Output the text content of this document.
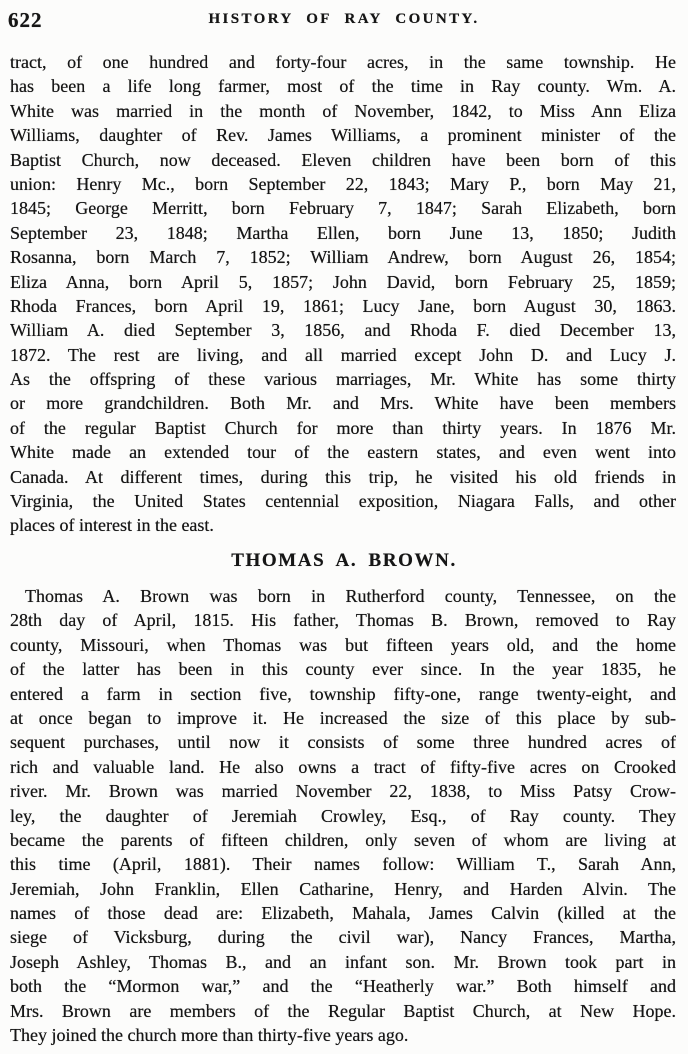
622	HISTORY OF RAY COUNTY.
tract, of one hundred and forty-four acres, in the same township. He
has been a life long farmer, most of the time in Ray county. Wm. A.
White was married in the month of November, 1842, to Miss Ann Eliza
Williams, daughter of Rev. James Williams, a prominent minister of the
Baptist Church, now deceased. Eleven children have been born of this
union: Henry Mc., born September 22, 1843; Mary P., born May 21,
1845; George Merritt, born February 7, 1847; Sarah Elizabeth, born
September 23, 1848; Martha Ellen, born June 13, 1850; Judith
Rosanna, born March 7, 1852; William Andrew, born August 26, 1854;
Eliza Anna, born April 5, 1857; John David, born February 25, 1859;
Rhoda Frances, born April 19, 1861; Lucy Jane, born August 30, 1863.
William A. died September 3, 1856, and Rhoda F. died December 13,
1872. The rest are living, and all married except John D. and Lucy J.
As the offspring of these various marriages, Mr. White has some thirty
or more grandchildren. Both Mr. and Mrs. White have been members
of the regular Baptist Church for more than thirty years. In 1876 Mr.
White made an extended tour of the eastern states, and even went into
Canada. At different times, during this trip, he visited his old friends in
Virginia, the United States centennial exposition, Niagara Falls, and other
places of interest in the east.
THOMAS A. BROWN.
Thomas A. Brown was born in Rutherford county, Tennessee, on the
28th day of April, 1815. His father, Thomas B. Brown, removed to Ray
county, Missouri, when Thomas was but fifteen years old, and the home
of the latter has been in this county ever since. In the year 1835, he
entered a farm in section five, township fifty-one, range twenty-eight, and
at once began to improve it. He increased the size of this place by sub-
sequent purchases, until now it consists of some three hundred acres of
rich and valuable land. He also owns a tract of fifty-five acres on Crooked
river. Mr. Brown was married November 22, 1838, to Miss Patsy Crow-
ley, the daughter of Jeremiah Crowley, Esq., of Ray county. They
became the parents of fifteen children, only seven of whom are living at
this time (April, 1881). Their names follow: William T., Sarah Ann,
Jeremiah, John Franklin, Ellen Catharine, Henry, and Harden Alvin. The
names of those dead are: Elizabeth, Mahala, James Calvin (killed at the
siege of Vicksburg, during the civil war), Nancy Frances, Martha,
Joseph Ashley, Thomas B., and an infant son. Mr. Brown took part in
both the “Mormon war,” and the “Heatherly war.” Both himself and
Mrs. Brown are members of the Regular Baptist Church, at New Hope.
They joined the church more than thirty-five years ago.
